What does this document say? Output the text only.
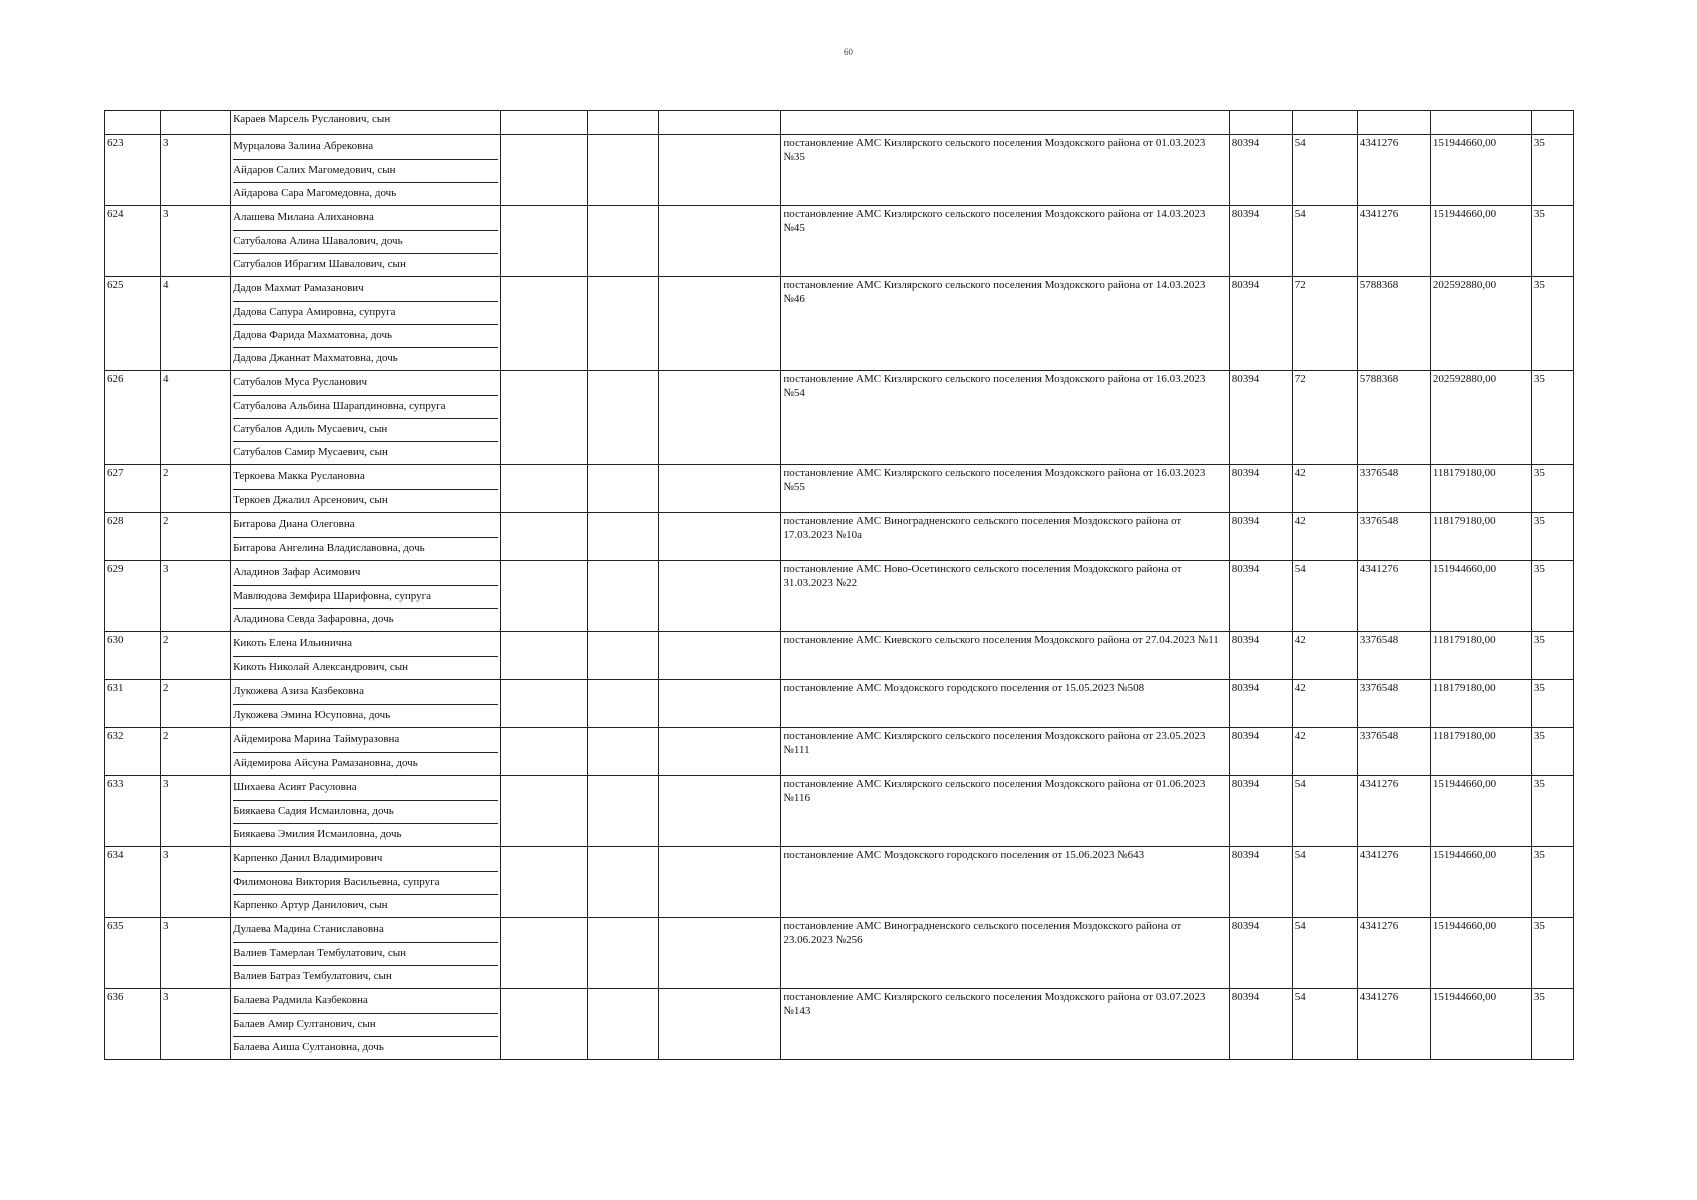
60
		Караев Марсель Русланович, сын									
623	3	Мурцалова Залина Абрековна
Айдаров Салих Магомедович, сын
Айдарова Сара Магомедовна, дочь				постановление АМС Кизлярского сельского поселения Моздокского района от 01.03.2023 №35	80394	54	4341276	151944660,00	35
624	3	Алашева Милана Алихановна
Сатубалова Алина Шавалович, дочь
Сатубалов Ибрагим Шавалович, сын				постановление АМС Кизлярского сельского поселения Моздокского района от 14.03.2023 №45	80394	54	4341276	151944660,00	35
625	4	Дадов Махмат Рамазанович
Дадова Сапура Амировна, супруга
Дадова Фарида Махматовна, дочь
Дадова Джаннат Махматовна, дочь				постановление АМС Кизлярского сельского поселения Моздокского района от 14.03.2023 №46	80394	72	5788368	202592880,00	35
626	4	Сатубалов Муса Русланович
Сатубалова Альбина Шарапдиновна, супруга
Сатубалов Адиль Мусаевич, сын
Сатубалов Самир Мусаевич, сын				постановление АМС Кизлярского сельского поселения Моздокского района от 16.03.2023 №54	80394	72	5788368	202592880,00	35
627	2	Теркоева Макка Руслановна
Теркоев Джалил Арсенович, сын				постановление АМС Кизлярского сельского поселения Моздокского района от 16.03.2023 №55	80394	42	3376548	118179180,00	35
628	2	Битарова Диана Олеговна
Битарова Ангелина Владиславовна, дочь				постановление АМС Виноградненского сельского поселения Моздокского района от 17.03.2023 №10а	80394	42	3376548	118179180,00	35
629	3	Аладинов Зафар Асимович
Мавлюдова Земфира Шарифовна, супруга
Аладинова Севда Зафаровна, дочь				постановление АМС Ново-Осетинского сельского поселения Моздокского района от 31.03.2023 №22	80394	54	4341276	151944660,00	35
630	2	Кикоть Елена Ильинична
Кикоть Николай Александрович, сын				постановление АМС Киевского сельского поселения Моздокского района от 27.04.2023 №11	80394	42	3376548	118179180,00	35
631	2	Лукожева Азиза Казбековна
Лукожева Эмина Юсуповна, дочь				постановление АМС Моздокского городского поселения от 15.05.2023 №508	80394	42	3376548	118179180,00	35
632	2	Айдемирова Марина Таймуразовна
Айдемирова Айсуна Рамазановна, дочь				постановление АМС Кизлярского сельского поселения Моздокского района от 23.05.2023 №111	80394	42	3376548	118179180,00	35
633	3	Шихаева Асият Расуловна
Биякаева Садия Исмаиловна, дочь
Биякаева Эмилия Исмаиловна, дочь				постановление АМС Кизлярского сельского поселения Моздокского района от 01.06.2023 №116	80394	54	4341276	151944660,00	35
634	3	Карпенко Данил Владимирович
Филимонова Виктория Васильевна, супруга
Карпенко Артур Данилович, сын				постановление АМС Моздокского городского поселения от 15.06.2023 №643	80394	54	4341276	151944660,00	35
635	3	Дулаева Мадина Станиславовна
Валиев Тамерлан Тембулатович, сын
Валиев Батраз Тембулатович, сын				постановление АМС Виноградненского сельского поселения Моздокского района от 23.06.2023 №256	80394	54	4341276	151944660,00	35
636	3	Балаева Радмила Казбековна
Балаев Амир Султанович, сын
Балаева Аиша Султановна, дочь				постановление АМС Кизлярского сельского поселения Моздокского района от 03.07.2023 №143	80394	54	4341276	151944660,00	35
